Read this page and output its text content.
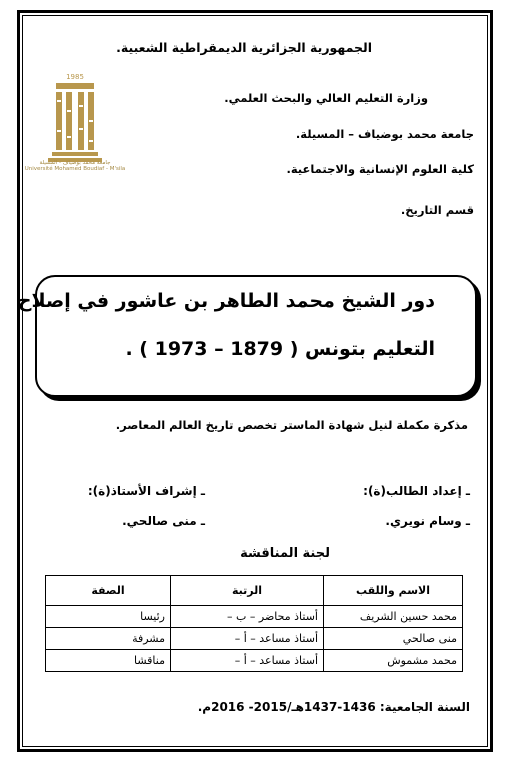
الجمهورية الجزائرية الديمقراطية الشعبية.
وزارة التعليم العالي والبحث العلمي.
جامعة محمد بوضياف – المسيلة.
كلية العلوم الإنسانية والاجتماعية.
قسم التاريخ.
1985
جامعة محمد بوضياف - المسيلة
Université Mohamed Boudiaf - M'sila
دور الشيخ محمد الطاهر بن عاشور في إصلاح
التعليم بتونس ( 1879 – 1973 ) .
مذكرة مكملة لنيل شهادة الماستر تخصص تاريخ العالم المعاصر.
ـ إعداد الطالب(ة):
ـ إشراف الأستاذ(ة):
ـ وسام نويري.
ـ منى صالحي.
لجنة المناقشة
الاسم واللقب	الرتبة	الصفة
محمد حسين الشريف	أستاذ محاضر – ب –	رئيسا
منى صالحي	أستاذ مساعد – أ –	مشرفة
محمد مشموش	أستاذ مساعد – أ –	مناقشا
السنة الجامعية: 1436-1437هـ/2015- 2016م.
